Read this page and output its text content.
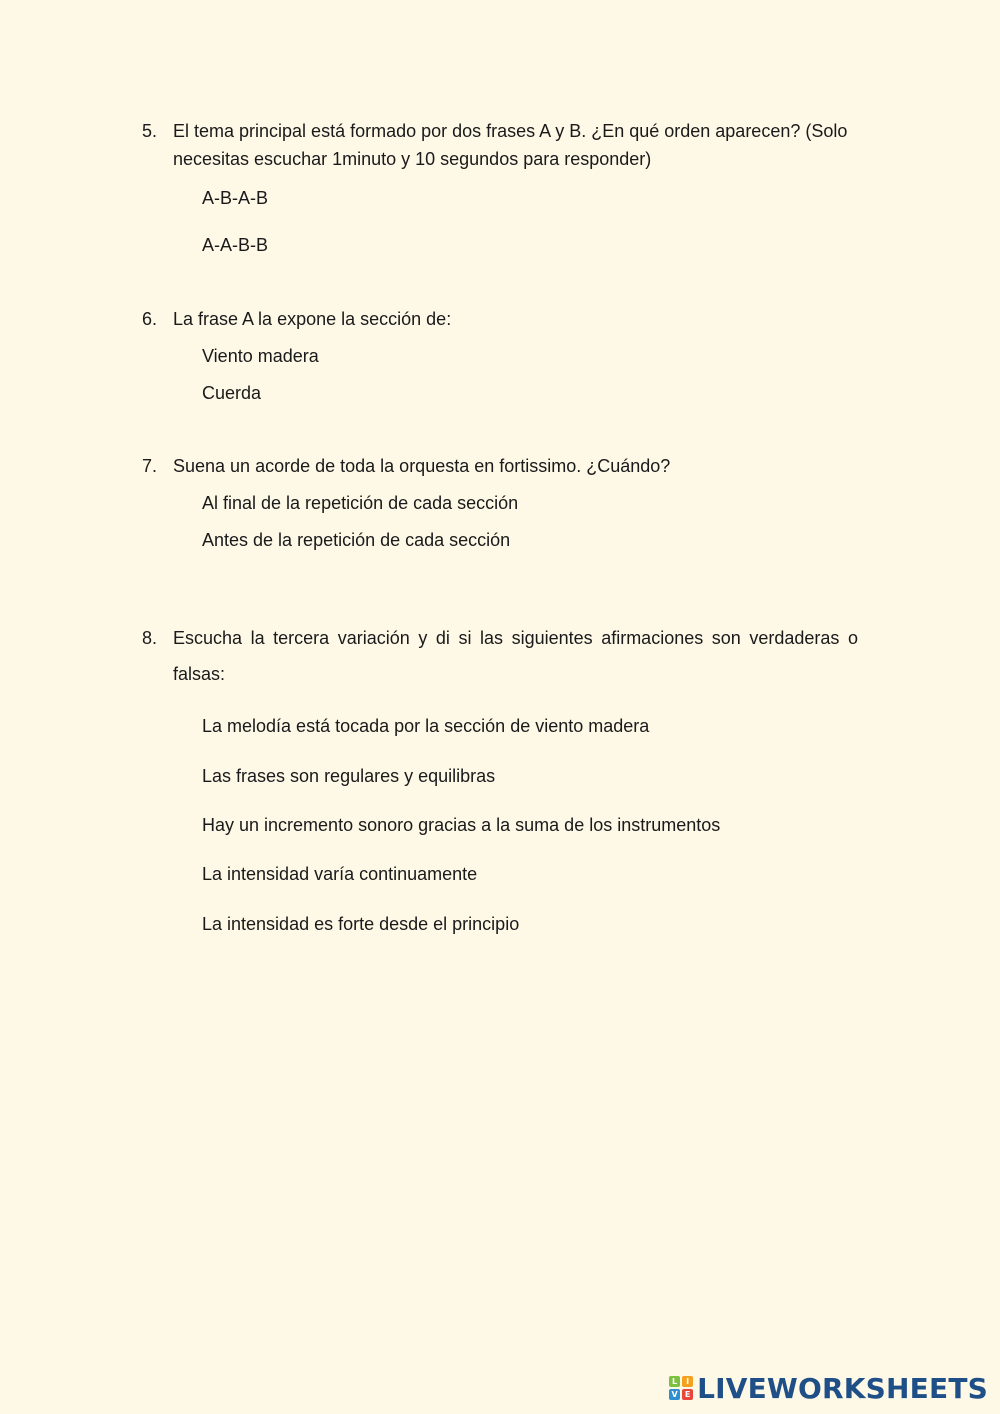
5. El tema principal está formado por dos frases A y B. ¿En qué orden aparecen? (Solo necesitas escuchar 1minuto y 10 segundos para responder)
A-B-A-B
A-A-B-B
6. La frase A la expone la sección de:
Viento madera
Cuerda
7. Suena un acorde de toda la orquesta en fortissimo. ¿Cuándo?
Al final de la repetición de cada sección
Antes de la repetición de cada sección
8. Escucha la tercera variación y di si las siguientes afirmaciones son verdaderas o falsas:
La melodía está tocada por la sección de viento madera
Las frases son regulares y equilibras
Hay un incremento sonoro gracias a la suma de los instrumentos
La intensidad varía continuamente
La intensidad es forte desde el principio
L	I
V E LIVEWORKSHEETS
